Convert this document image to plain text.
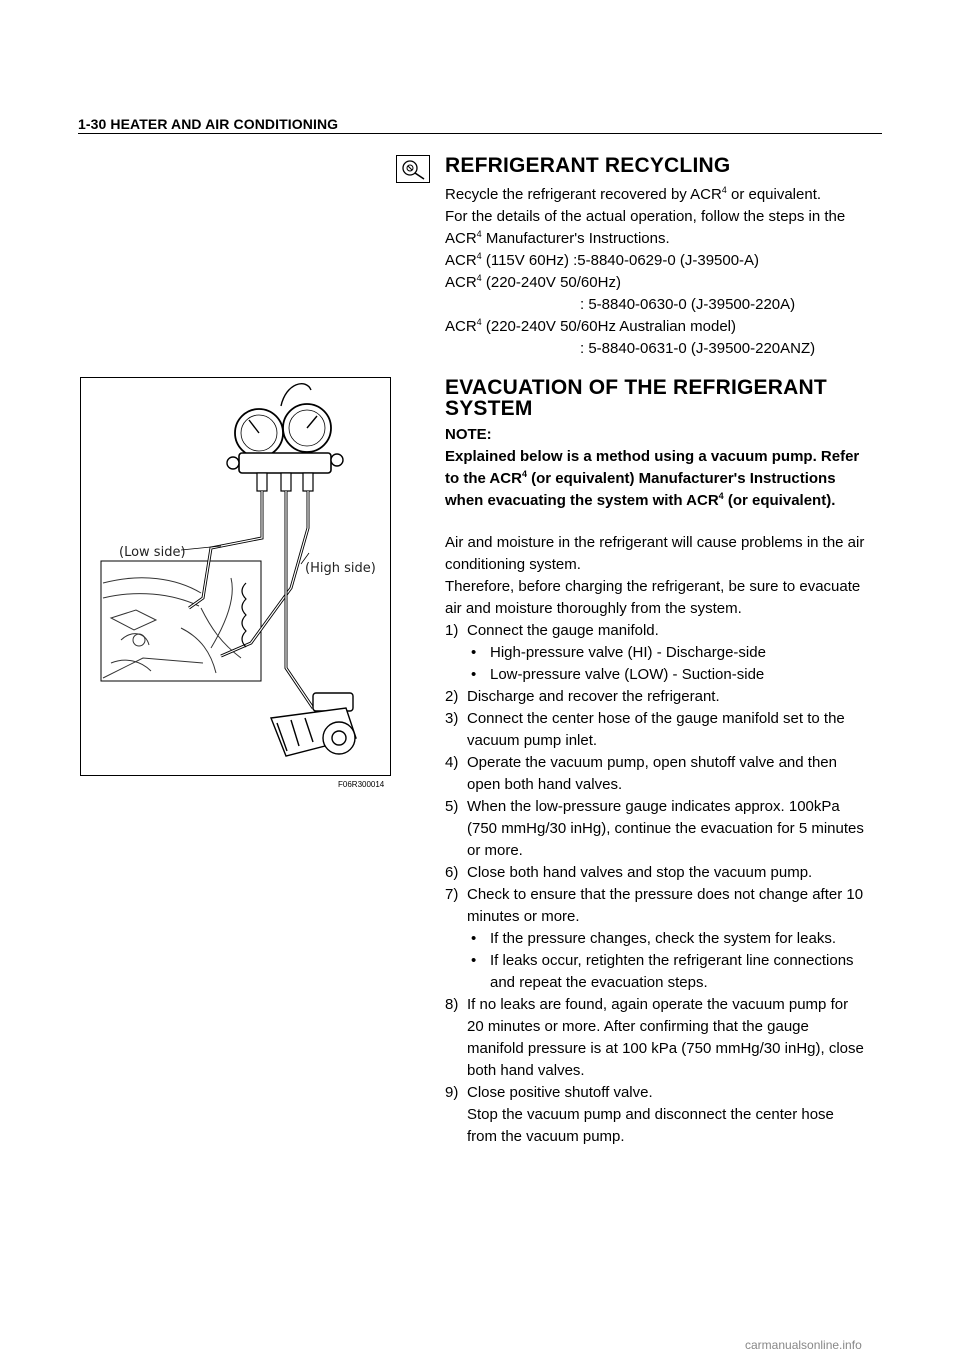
1-30 HEATER AND AIR CONDITIONING
REFRIGERANT RECYCLING
Recycle the refrigerant recovered by ACR$^4$ or equivalent.
For the details of the actual operation, follow the steps in the
ACR$^4$ Manufacturer's Instructions.
ACR$^4$ (115V 60Hz) :5-8840-0629-0 (J-39500-A)
ACR$^4$ (220-240V 50/60Hz)
: 5-8840-0630-0 (J-39500-220A)
ACR$^4$ (220-240V 50/60Hz Australian model)
: 5-8840-0631-0 (J-39500-220ANZ)
EVACUATION OF THE REFRIGERANT
SYSTEM
NOTE:
Explained below is a method using a vacuum pump. Refer
to the ACR$^4$ (or equivalent) Manufacturer's Instructions
when evacuating the system with ACR$^4$ (or equivalent).
Air and moisture in the refrigerant will cause problems in the air
conditioning system.
Therefore, before charging the refrigerant, be sure to evacuate
air and moisture thoroughly from the system.
1) Connect the gauge manifold.
• High-pressure valve (HI) - Discharge-side
• Low-pressure valve (LOW) - Suction-side
2) Discharge and recover the refrigerant.
3) Connect the center hose of the gauge manifold set to the
vacuum pump inlet.
4) Operate the vacuum pump, open shutoff valve and then
open both hand valves.
5) When the low-pressure gauge indicates approx. 100kPa
(750 mmHg/30 inHg), continue the evacuation for 5 minutes
or more.
6) Close both hand valves and stop the vacuum pump.
7) Check to ensure that the pressure does not change after 10
minutes or more.
• If the pressure changes, check the system for leaks.
• If leaks occur, retighten the refrigerant line connections
and repeat the evacuation steps.
8) If no leaks are found, again operate the vacuum pump for
20 minutes or more. After confirming that the gauge
manifold pressure is at 100 kPa (750 mmHg/30 inHg), close
both hand valves.
9) Close positive shutoff valve.
Stop the vacuum pump and disconnect the center hose
from the vacuum pump.
(Low side)
(High side)
F06R300014
carmanualsonline.info
